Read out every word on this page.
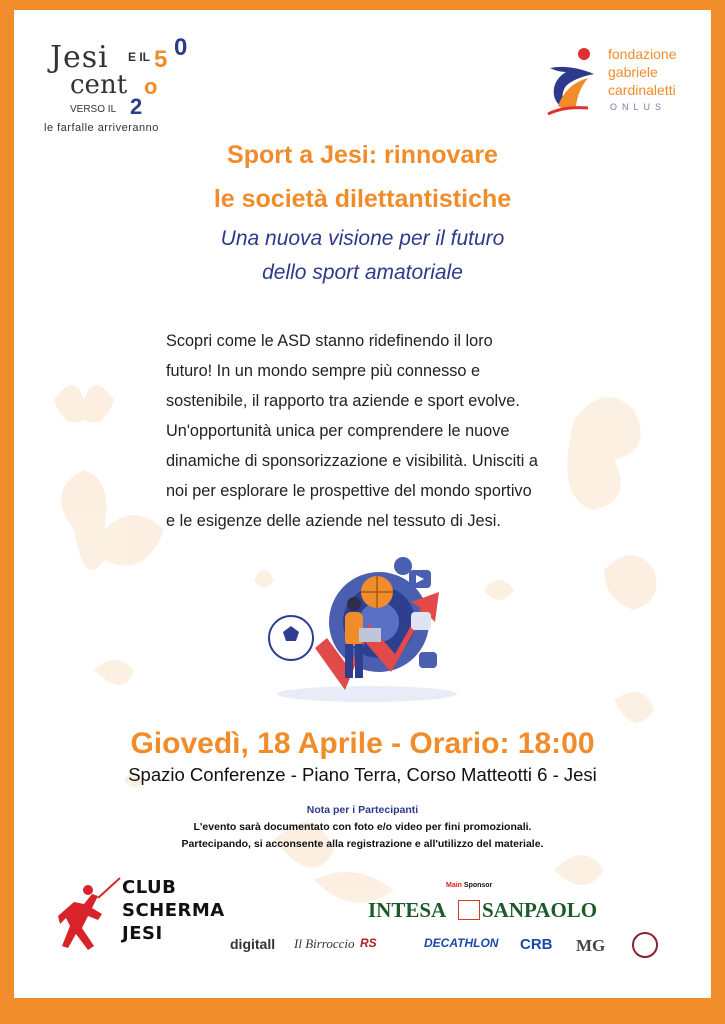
Jesi E IL 5 0
cent o
VERSO IL 2
le farfalle arriveranno
fondazione
gabriele
cardinaletti
ONLUS
Sport a Jesi: rinnovare
le società dilettantistiche
Una nuova visione per il futuro
dello sport amatoriale
Scopri come le ASD stanno ridefinendo il loro
futuro! In un mondo sempre più connesso e
sostenibile, il rapporto tra aziende e sport evolve.
Un'opportunità unica per comprendere le nuove
dinamiche di sponsorizzazione e visibilità. Unisciti a
noi per esplorare le prospettive del mondo sportivo
e le esigenze delle aziende nel tessuto di Jesi.
Giovedì, 18 Aprile - Orario: 18:00
Spazio Conferenze - Piano Terra, Corso Matteotti 6 - Jesi
Nota per i Partecipanti
L'evento sarà documentato con foto e/o video per fini promozionali.
Partecipando, si acconsente alla registrazione e all'utilizzo del materiale.
CLUB
SCHERMA
JESI
Main Sponsor
INTESA SANPAOLO
digitall Il Birroccio RS	DECATHLON CRB MG
